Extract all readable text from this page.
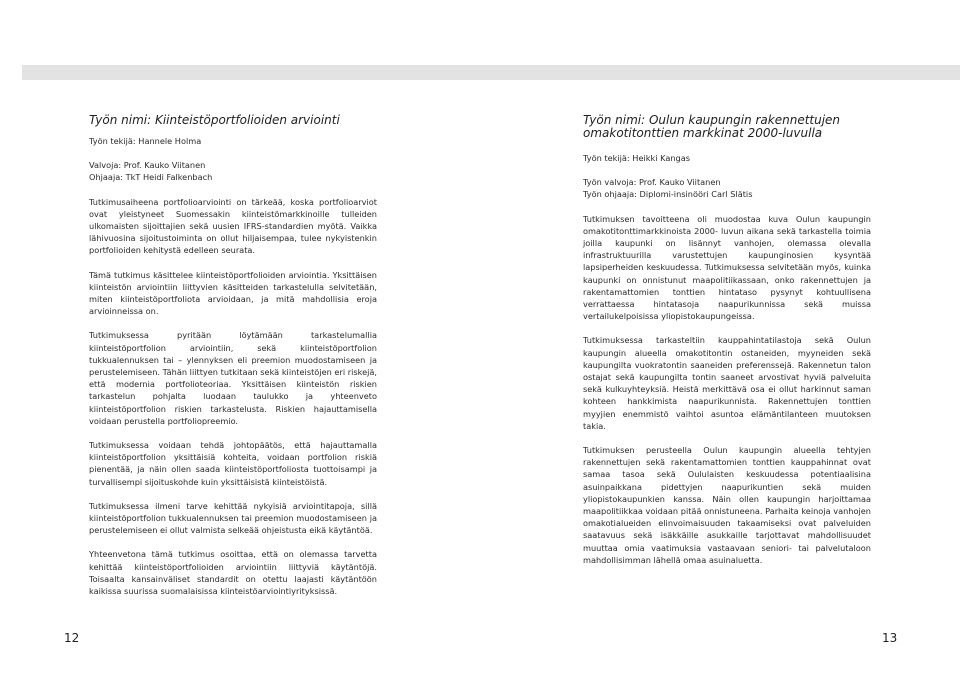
Työn nimi: Kiinteistöportfolioiden arviointi
Työn tekijä: Hannele Holma
Valvoja: Prof. Kauko Viitanen
Ohjaaja: TkT Heidi Falkenbach

Tutkimusaiheena portfolioarviointi on tärkeää, koska portfolioarviot ovat yleistyneet Suomessakin kiinteistömarkkinoille tulleiden ulkomaisten sijoittajien sekä uusien IFRS-standardien myötä. Vaikka lähivuosina sijoitustoiminta on ollut hiljaisempaa, tulee nykyistenkin portfolioiden kehitystä edelleen seurata.

Tämä tutkimus käsittelee kiinteistöportfolioiden arviointia. Yksittäisen kiinteistön arviointiin liittyvien käsitteiden tarkastelulla selvitetään, miten kiinteistöportfoliota arvioidaan, ja mitä mahdollisia eroja arvioinneissa on.

Tutkimuksessa pyritään löytämään tarkastelumallia kiinteistöportfolion arviointiin, sekä kiinteistöportfolion tukkualennuksen tai – ylennyksen eli preemion muodostamiseen ja perustelemiseen. Tähän liittyen tutkitaan sekä kiinteistöjen eri riskejä, että modernia portfolioteoriaa. Yksittäisen kiinteistön riskien tarkastelun pohjalta luodaan taulukko ja yhteenveto kiinteistöportfolion riskien tarkastelusta. Riskien hajauttamisella voidaan perustella portfoliopreemio.

Tutkimuksessa voidaan tehdä johtopäätös, että hajauttamalla kiinteistöportfolion yksittäisiä kohteita, voidaan portfolion riskiä pienentää, ja näin ollen saada kiinteistöportfoliosta tuottoisampi ja turvallisempi sijoituskohde kuin yksittäisistä kiinteistöistä.

Tutkimuksessa ilmeni tarve kehittää nykyisiä arviointitapoja, sillä kiinteistöportfolion tukkualennuksen tai preemion muodostamiseen ja perustelemiseen ei ollut valmista selkeää ohjeistusta eikä käytäntöä.

Yhteenvetona tämä tutkimus osoittaa, että on olemassa tarvetta kehittää kiinteistöportfolioiden arviointiin liittyviä käytäntöjä. Toisaalta kansainväliset standardit on otettu laajasti käytäntöön kaikissa suurissa suomalaisissa kiinteistöarviointiyrityksissä.

Työn nimi: Oulun kaupungin rakennettujen omakotitonttien markkinat 2000-luvulla
Työn tekijä: Heikki Kangas
Työn valvoja: Prof. Kauko Viitanen
Työn ohjaaja: Diplomi-insinööri Carl Slätis

Tutkimuksen tavoitteena oli muodostaa kuva Oulun kaupungin omakotitonttimarkkinoista 2000- luvun aikana sekä tarkastella toimia joilla kaupunki on lisännyt vanhojen, olemassa olevalla infrastruktuurilla varustettujen kaupunginosien kysyntää lapsiperheiden keskuudessa. Tutkimuksessa selvitetään myös, kuinka kaupunki on onnistunut maapolitiikassaan, onko rakennettujen ja rakentamattomien tonttien hintataso pysynyt kohtuullisena verrattaessa hintatasoja naapurikunnissa sekä muissa vertailukelpoisissa yliopistokaupungeissa.

Tutkimuksessa tarkasteltiin kauppahintatilastoja sekä Oulun kaupungin alueella omakotitontin ostaneiden, myyneiden sekä kaupungilta vuokratontin saaneiden preferenssejä. Rakennetun talon ostajat sekä kaupungilta tontin saaneet arvostivat hyviä palveluita sekä kulkuyhteyksiä. Heistä merkittävä osa ei ollut harkinnut saman kohteen hankkimista naapurikunnista. Rakennettujen tonttien myyjien enemmistö vaihtoi asuntoa elämäntilanteen muutoksen takia.

Tutkimuksen perusteella Oulun kaupungin alueella tehtyjen rakennettujen sekä rakentamattomien tonttien kauppahinnat ovat samaa tasoa sekä Oululaisten keskuudessa potentiaalisina asuinpaikkana pidettyjen naapurikuntien sekä muiden yliopistokaupunkien kanssa. Näin ollen kaupungin harjoittamaa maapolitiikkaa voidaan pitää onnistuneena. Parhaita keinoja vanhojen omakotialueiden elinvoimaisuuden takaamiseksi ovat palveluiden saatavuus sekä isäkkäille asukkaille tarjottavat mahdollisuudet muuttaa omia vaatimuksia vastaavaan seniori- tai palvelutaloon mahdollisimman lähellä omaa asuinaluetta.

12	13
